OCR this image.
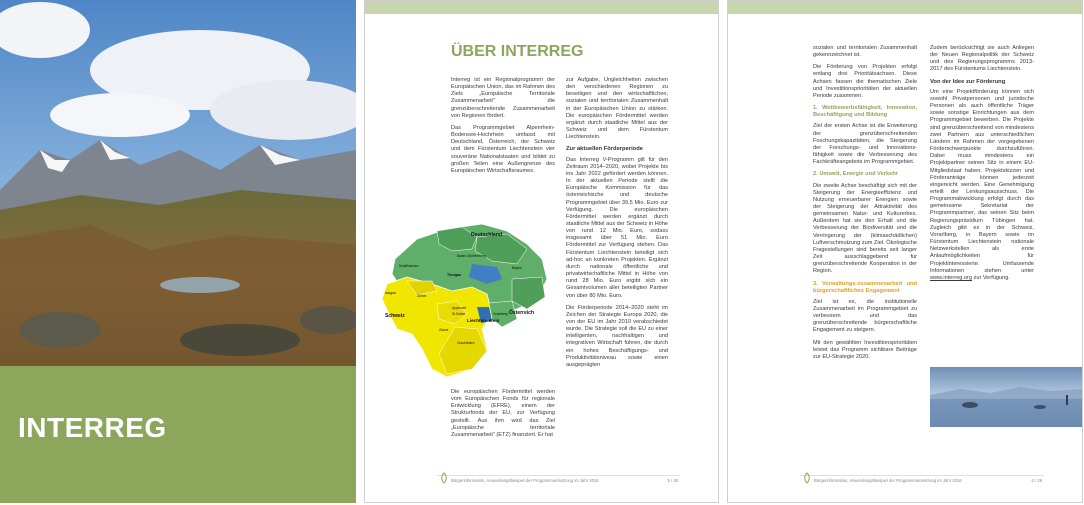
INTERREG
ÜBER INTERREG

Interreg ist ein Regionalprogramm der Europäischen Union, das im Rahmen des Ziels „Europäische Territoriale Zusammenarbeit“ die grenzüberschreitende Zusammenarbeit von Regionen fördert.

Das Programmgebiet Alpenrhein-Bodensee-Hochrhein umfasst mit Deutschland, Österreich, der Schweiz und dem Fürstentum Liechtenstein vier souveräne Nationalstaaten und bildet zu großen Teilen eine Außengrenze des Europäischen Wirtschaftsraumes.

Die europäischen Fördermittel werden vom Europäischen Fonds für regionale Entwicklung (EFRE), einem der Strukturfonds der EU, zur Verfügung gestellt. Aus ihm wird das Ziel „Europäische territoriale Zusammenarbeit“ (ETZ) finanziert. Er hat

zur Aufgabe, Ungleichheiten zwischen den verschiedenen Regionen zu beseitigen und den wirtschaftlichen, sozialen und territorialen Zusammenhalt in der Europäischen Union zu stärken. Die europäischen Fördermittel werden ergänzt durch staatliche Mittel aus der Schweiz und dem Fürstentum Liechtenstein.

Zur aktuellen Förderperiode

Das Interreg V-Programm gilt für den Zeitraum 2014–2020, wobei Projekte bis ins Jahr 2022 gefördert werden können. In der aktuellen Periode stellt die Europäische Kommission für das österreichische und deutsche Programmgebiet über 39,5 Mio. Euro zur Verfügung. Die europäischen Fördermittel werden ergänzt durch staatliche Mittel aus der Schweiz in Höhe von rund 12 Mio. Euro, sodass insgesamt über 51 Mio. Euro Fördermittel zur Verfügung stehen. Das Fürstentum Liechtenstein beteiligt sich ad-hoc an konkreten Projekten. Ergänzt durch nationale öffentliche und privatwirtschaftliche Mittel in Höhe von rund 28 Mio. Euro ergibt sich ein Gesamtvolumen aller beteiligten Partner von über 80 Mio. Euro.

Die Förderperiode 2014–2020 steht im Zeichen der Strategie Europa 2020, die von der EU im Jahr 2010 verabschiedet wurde. Die Strategie soll die EU zu einer intelligenten, nachhaltigen und integrativen Wirtschaft führen, die durch ein hohes Beschäftigungs- und Produktivitätsniveau sowie einen ausgeprägten

Deutschland
Baden-Württemberg
Bayern
Schaffhausen
Thurgau
Aargau
Zürich
Appenzell
St.Gallen	Vorarlberg
Glarus
Liechten- stein
Schweiz	Österreich
Graubünden
Bürgerinformation, Anwendungsbeispiel der Programmumsetzung im Jahr 2016	5 / 29

sozialen und territorialen Zusammenhalt gekennzeichnet ist.

Die Förderung von Projekten erfolgt entlang drei Prioritätsachsen. Diese Achsen fassen die thematischen Ziele und Investitionsprioritäten der aktuellen Periode zusammen.

1. Wettbewerbsfähigkeit, Innovation, Beschäftigung und Bildung

Ziel der ersten Achse ist die Erweiterung der grenzüberschreitenden Foschungskapazitäten, die Steigerung der Forschungs- und Innovations-fähigkeit sowie die Verbesserung des Fachkräfteangebots im Programmgebiet.

2. Umwelt, Energie und Verkehr

Die zweite Achse beschäftigt sich mit der Steigerung der Energieeffizienz und Nutzung erneuerbarer Energien sowie der Steigerung der Attraktivität des gemeinsamen Natur- und Kulturerbes. Außerdem hat sie den Erhalt und die Verbesserung der Biodiversität und die Verringerung der (klimaschädlichen) Luftverschmutzung zum Ziel. Ökologische Fragestellungen sind bereits seit langer Zeit ausschlaggebend für grenzüberschreitende Kooperation in der Region.

3. Verwaltungs-zusammenarbeit und bürgerschaftliches Engagement

Ziel ist es, die institutionelle Zusammenarbeit im Programmgebiet zu verbessern und das grenzüberschreitende bürgerschaftliche Engagement zu steigern.

Mit den gewählten Investitionsprioritäten leistet das Programm sichtbare Beiträge zur EU-Strategie 2020.

Zudem berücksichtigt sie auch Anliegen der Neuen Regionalpolitik der Schweiz und des Regierungsprogramms 2013-2017 des Fürstentums Liechtenstein.

Von der Idee zur Förderung

Um eine Projektförderung können sich sowohl Privatpersonen und juristische Personen als auch öffentliche Träger sowie sonstige Einrichtungen aus dem Programmgebiet bewerben. Die Projekte sind grenzüberschreitend von mindestens zwei Partnern aus unterschiedlichen Ländern im Rahmen der vorgegebenen Förderschwerpunkte durchzuführen. Dabei muss mindestens ein Projektpartner seinen Sitz in einem EU-Mitgliedstaat haben. Projektskizzen und Förderanträge können jederzeit eingereicht werden. Eine Genehmigung erteilt der Lenkungsausschuss. Die Programmabwicklung erfolgt durch das gemeinsame Sekretariat der Programmpartner, das seinen Sitz beim Regierungspräsidium Tübingen hat. Zugleich gibt es in der Schweiz, Vorarlberg, in Bayern sowie im Fürstentum Liechtenstein nationale Netzwerkstellen als erste Anlaufmöglichkeiten für Projektinteressierte. Umfassende Informationen stehen unter www.interreg.org zur Verfügung.

Bürgerinformation, Anwendungsbeispiel der Programmumsetzung im Jahr 2016	6 / 29
